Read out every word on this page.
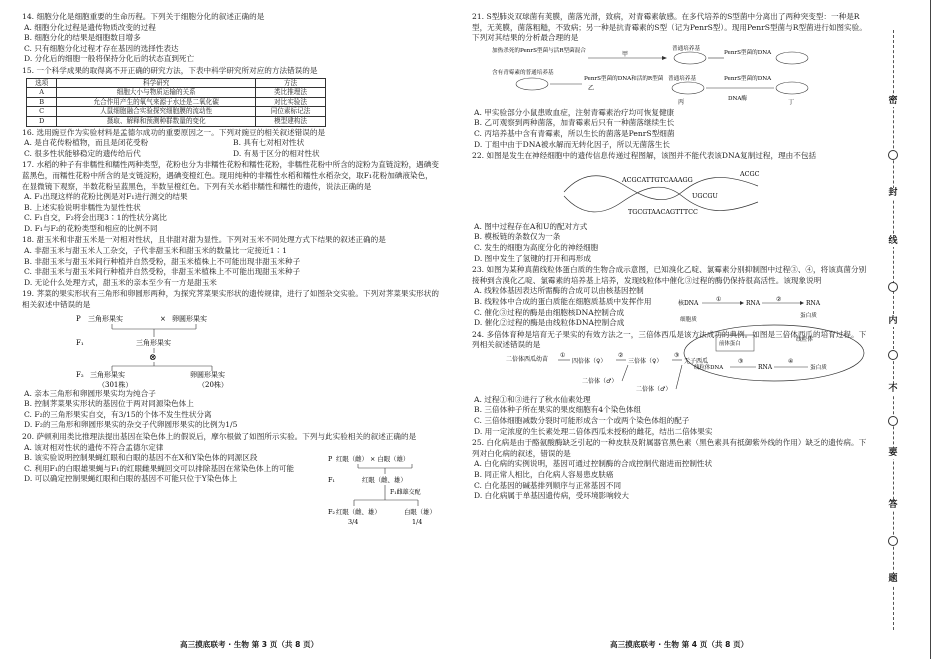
14. 细胞分化是细胞重要的生命历程。下列关于细胞分化的叙述正确的是
A. 细胞分化过程是遗传物质改变的过程
B. 细胞分化的结果是细胞数目增多
C. 只有细胞分化过程才存在基因的选择性表达
D. 分化后的细胞一般将保持分化后的状态直到死亡
15. 一个科学成果的取得离不开正确的研究方法，下表中科学研究所对应的方法错误的是
选项	科学研究	方法
A	细胞大小与物质运输的关系	类比推理法
B	允合作用产生的氧气来源于水还是二氧化碳	对比实验法
C	人鼠细胞融合实验探究细胞膜的流动性	同位素标记法
D	摄取、解释和预测种群数量的变化	模型建构法
16. 选用豌豆作为实验材料是孟德尔成功的重要原因之一。下列对豌豆的相关叙述错误的是
A. 是自花传粉植物，而且是闭花受粉	B. 具有七对相对性状
C. 很多性状能够稳定的遗传给后代	D. 有易于区分的相对性状
17. 水稻的种子有非糯性和糯性两种类型，花粉也分为非糯性花粉和糯性花粉，非糯性花粉中所含的淀粉为直链淀粉，遇碘变蓝黑色，而糯性花粉中所含的是支链淀粉，遇碘变橙红色。现用纯种的非糯性水稻和糯性水稻杂交，取F₁花粉加碘液染色，在显微镜下观察，半数花粉呈蓝黑色，半数呈橙红色。下列有关水稻非糯性和糯性的遗传，说法正确的是
A. F₁出现这样的花粉比例是对F₁进行测交的结果
B. 上述实验说明非糯性为显性性状
C. F₁自交，F₂将会出现3∶1的性状分离比
D. F₁与F₂的花粉类型和相应的比例不同
18. 甜玉米和非甜玉米是一对相对性状，且非甜对甜为显性。下列对玉米不同处理方式下结果的叙述正确的是
A. 非甜玉米与甜玉米人工杂交，子代非甜玉米和甜玉米的数量比一定接近1∶1
B. 非甜玉米与甜玉米间行种植并自然受粉，甜玉米植株上不可能出现非甜玉米种子
C. 非甜玉米与甜玉米间行种植并自然受粉，非甜玉米植株上不可能出现甜玉米种子
D. 无论什么处理方式，甜玉米的亲本至少有一方是甜玉米
19. 荠菜的果实形状有三角形和卵圆形两种，为探究荠菜果实形状的遗传规律，进行了如图杂交实验。下列对荠菜果实形状的相关叙述中错误的是
P 三角形果实	× 卵圆形果实
F₁	三角形果实
⊗
F₂ 三角形果实
（301株）
卵圆形果实
（20株）
A. 亲本三角形和卵圆形果实均为纯合子
B. 控制荠菜果实形状的基因位于两对同源染色体上
C. F₂的三角形果实自交，有3/15的个体不发生性状分离
D. F₂的三角形和卵圆形果实的杂交子代卵圆形果实的比例为1/5
20. 萨顿利用类比推理法提出基因在染色体上的假说后，摩尔根做了如图所示实验。下列与此实验相关的叙述正确的是
A. 该对相对性状的遗传不符合孟德尔定律
B. 该实验说明控制果蝇红眼和白眼的基因不在X和Y染色体的同源区段
C. 利用F₁的白眼雄果蝇与F₁的红眼雌果蝇回交可以排除基因在常染色体上的可能
D. 可以确定控制果蝇红眼和白眼的基因不可能只位于Y染色体上
P 红眼（雌） × 白眼（雄）
F₁	红眼（雌、雄）
F₁雌雄交配
F₂ 红眼（雌、雄）
3/4
白眼（雄）
1/4
21. S型肺炎双球菌有荚膜，菌落光滑，致病，对青霉素敏感。在多代培养的S型菌中分离出了两种突变型：一种是R型，无荚膜，菌落粗糙，不致病；另一种是抗青霉素的S型（记为PenrS型）。现用PenrS型菌与R型菌进行如图实验。下列对其结果的分析最合理的是
加热杀死的PenrS型菌与活R型菌混合	甲
普通培养基
PenrS型菌的DNA
含有青霉素的普通培养基
PenrS型菌的DNA和活的R型菌
乙
普通培养基
丙
PenrS型菌的DNA
DNA酶	丁
A. 甲实验部分小鼠患败血症，注射青霉素治疗均可恢复健康
B. 乙可观察到两种菌落，加青霉素后只有一种菌落继续生长
C. 丙培养基中含有青霉素，所以生长的菌落是PenrS型细菌
D. 丁组中由于DNA被水解而无转化因子，所以无菌落生长
22. 如图是发生在神经细胞中的遗传信息传递过程图解，该图并不能代表该DNA复制过程，理由不包括
ACGCATTGTCAAAGG
ACGC
TGCGTAACAGTTTCC
UGCGU
A. 图中过程存在A和U的配对方式
B. 模板链的条数仅为一条
C. 发生的细胞为高度分化的神经细胞
D. 图中发生了氢键的打开和再形成
23. 如图为某种真菌线粒体蛋白质的生物合成示意图，已知溴化乙啶、氯霉素分别抑制图中过程③、④，将该真菌分别接种到含溴化乙啶、氯霉素的培养基上培养，发现线粒体中催化③过程的酶仍保持很高活性。该现象说明
A. 线粒体基因表达所需酶的合成可以由核基因控制
B. 线粒体中合成的蛋白质能在细胞质基质中发挥作用
C. 催化③过程的酶是由细胞核DNA控制合成
D. 催化②过程的酶是由线粒体DNA控制合成
核DNA
①
RNA
②
RNA
细胞质
蛋白质
前体蛋白
线粒体
线粒体DNA
③
RNA
④
蛋白质
24. 多倍体育种是培育无子果实的有效方法之一，三倍体西瓜是该方法成功的典例。如图是三倍体西瓜的培育过程。下列相关叙述错误的是
二倍体西瓜幼苗
①
四倍体（♀）
②
三倍体（♀）
③
无子西瓜
二倍体（♂）
二倍体（♂）
A. 过程①和③进行了秋水仙素处理
B. 三倍体种子所在果实的果皮细胞有4个染色体组
C. 三倍体细胞减数分裂时可能形成含一个或两个染色体组的配子
D. 用一定浓度的生长素处理二倍体西瓜未授粉的雌花，结出二倍体果实
25. 白化病是由于酪氨酸酶缺乏引起的一种皮肤及附属器官黑色素（黑色素具有抵御紫外线的作用）缺乏的遗传病。下列对白化病的叙述，错误的是
A. 白化病的实例说明，基因可通过控制酶的合成控制代谢进而控制性状
B. 同正常人相比，白化病人容易患皮肤癌
C. 白化基因的碱基排列顺序与正常基因不同
D. 白化病属于单基因遗传病，受环境影响较大
高三摸底联考 · 生物 第 3 页（共 8 页）	高三摸底联考 · 生物 第 4 页（共 8 页）
密
封
线
内
不
要
答
题
